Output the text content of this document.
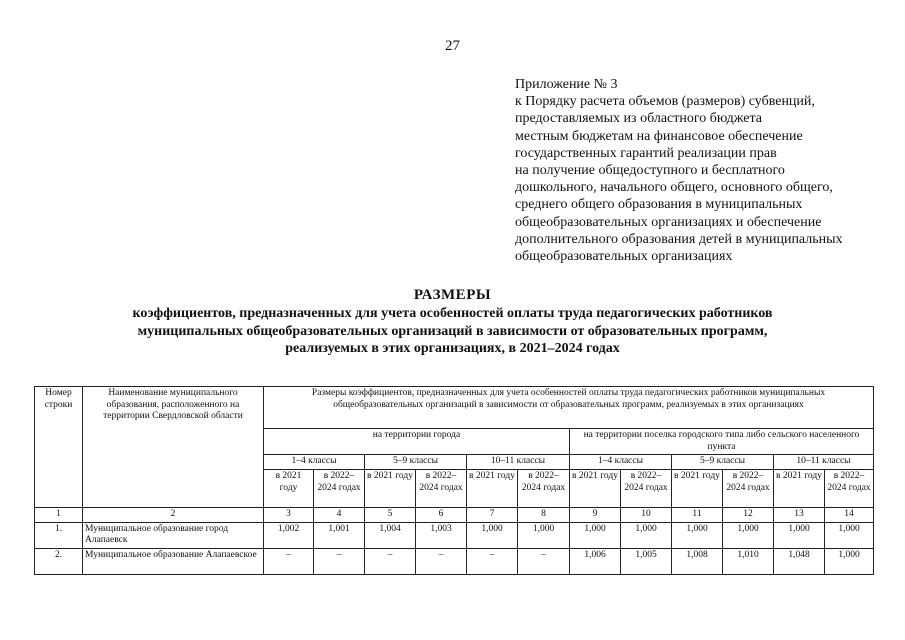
27
Приложение № 3
к Порядку расчета объемов (размеров) субвенций,
предоставляемых из областного бюджета
местным бюджетам на финансовое обеспечение
государственных гарантий реализации прав
на получение общедоступного и бесплатного
дошкольного, начального общего, основного общего,
среднего общего образования в муниципальных
общеобразовательных организациях и обеспечение
дополнительного образования детей в муниципальных
общеобразовательных организациях
РАЗМЕРЫ
коэффициентов, предназначенных для учета особенностей оплаты труда педагогических работников
муниципальных общеобразовательных организаций в зависимости от образовательных программ,
реализуемых в этих организациях, в 2021–2024 годах
Номер строки	Наименование муниципального образования, расположенного на территории Свердловской области	Размеры коэффициентов, предназначенных для учета особенностей оплаты труда педагогических работников муниципальных общеобразовательных организаций в зависимости от образовательных программ, реализуемых в этих организациях											
		на территории города						на территории поселка городского типа либо сельского населенного пункта					
		1–4 классы		5–9 классы		10–11 классы		1–4 классы		5–9 классы		10–11 классы	
		в 2021 году	в 2022–2024 годах	в 2021 году	в 2022–2024 годах	в 2021 году	в 2022–2024 годах	в 2021 году	в 2022–2024 годах	в 2021 году	в 2022–2024 годах	в 2021 году	в 2022–2024 годах
1	2	3	4	5	6	7	8	9	10	11	12	13	14
1.	Муниципальное образование город Алапаевск	1,002	1,001	1,004	1,003	1,000	1,000	1,000	1,000	1,000	1,000	1,000	1,000
2.	Муниципальное образование Алапаевское	–	–	–	–	–	–	1,006	1,005	1,008	1,010	1,048	1,000
